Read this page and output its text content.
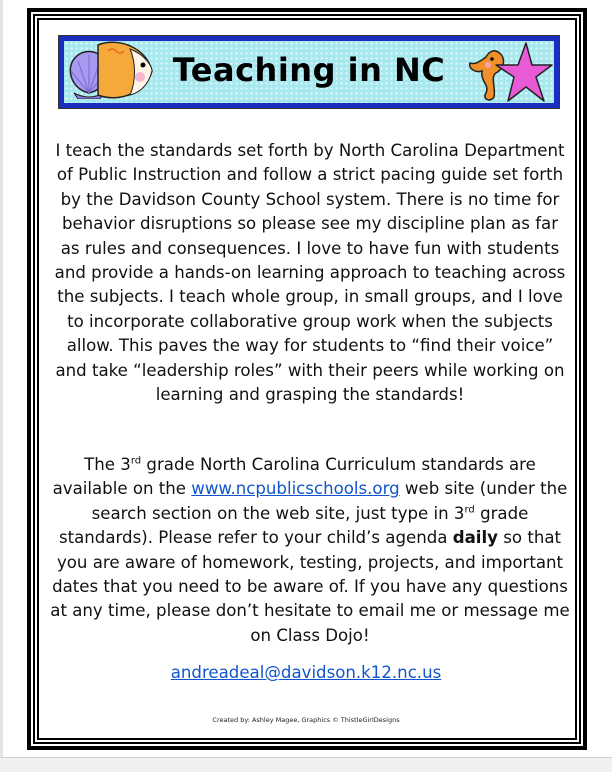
Teaching in NC
I teach the standards set forth by North Carolina Department of Public Instruction and follow a strict pacing guide set forth by the Davidson County School system. There is no time for behavior disruptions so please see my discipline plan as far as rules and consequences. I love to have fun with students and provide a hands-on learning approach to teaching across the subjects. I teach whole group, in small groups, and I love to incorporate collaborative group work when the subjects allow. This paves the way for students to “find their voice” and take “leadership roles” with their peers while working on learning and grasping the standards!
The 3rd grade North Carolina Curriculum standards are available on the www.ncpublicschools.org web site (under the search section on the web site, just type in 3rd grade standards). Please refer to your child’s agenda daily so that you are aware of homework, testing, projects, and important dates that you need to be aware of. If you have any questions at any time, please don’t hesitate to email me or message me on Class Dojo!
andreadeal@davidson.k12.nc.us
Created by: Ashley Magee, Graphics © ThistleGirlDesigns
